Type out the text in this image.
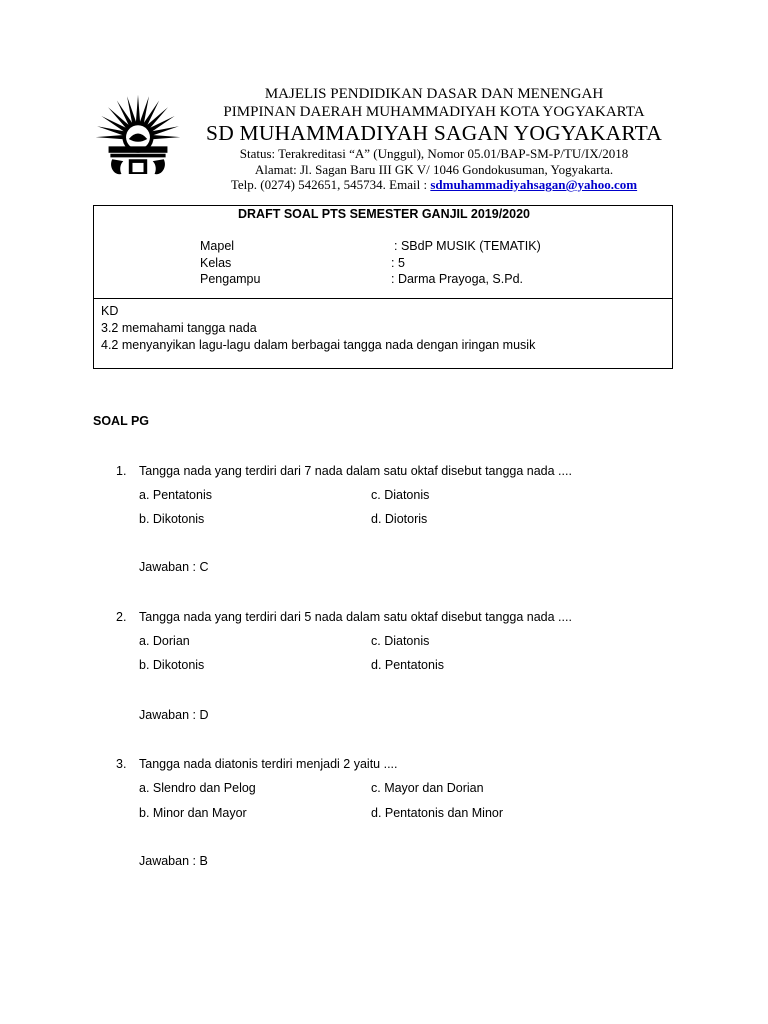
MAJELIS PENDIDIKAN DASAR DAN MENENGAH
PIMPINAN DAERAH MUHAMMADIYAH KOTA YOGYAKARTA
SD MUHAMMADIYAH SAGAN YOGYAKARTA
Status: Terakreditasi “A” (Unggul), Nomor 05.01/BAP-SM-P/TU/IX/2018
Alamat: Jl. Sagan Baru III GK V/ 1046 Gondokusuman, Yogyakarta.
Telp. (0274) 542651, 545734. Email : sdmuhammadiyahsagan@yahoo.com
DRAFT SOAL PTS SEMESTER GANJIL 2019/2020
Mapel	: SBdP MUSIK (TEMATIK)
Kelas	: 5
Pengampu	: Darma Prayoga, S.Pd.
KD
3.2 memahami tangga nada
4.2 menyanyikan lagu-lagu dalam berbagai tangga nada dengan iringan musik
SOAL PG
1. Tangga nada yang terdiri dari 7 nada dalam satu oktaf disebut tangga nada ....
a. Pentatonis	c. Diatonis
b. Dikotonis	d. Diotoris
Jawaban : C
2. Tangga nada yang terdiri dari 5 nada dalam satu oktaf disebut tangga nada ....
a. Dorian	c. Diatonis
b. Dikotonis	d. Pentatonis
Jawaban : D
3. Tangga nada diatonis terdiri menjadi 2 yaitu ....
a. Slendro dan Pelog	c. Mayor dan Dorian
b. Minor dan Mayor	d. Pentatonis dan Minor
Jawaban : B
